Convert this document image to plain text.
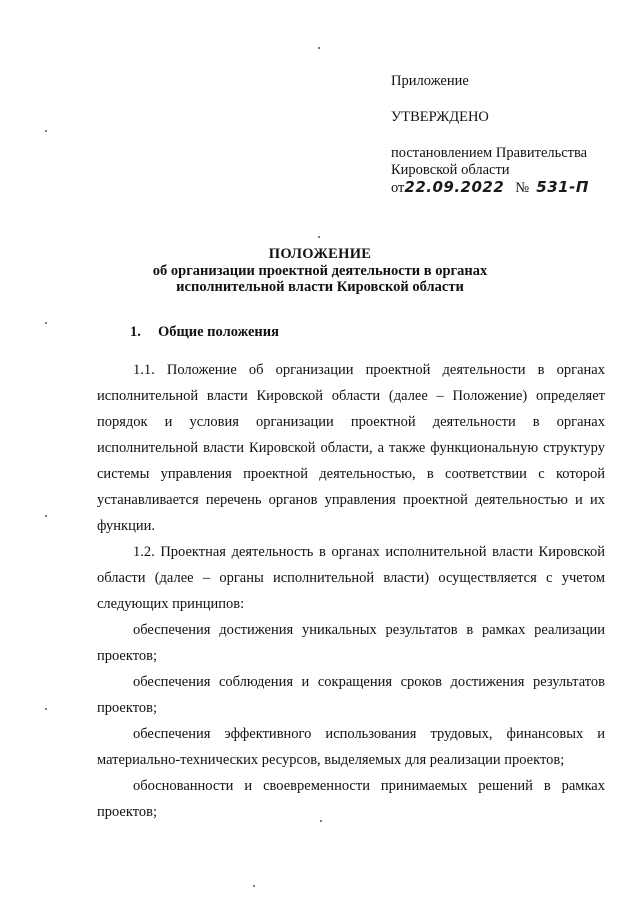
Приложение
УТВЕРЖДЕНО
постановлением Правительства
Кировской области
от22.09.2022 № 531-П
ПОЛОЖЕНИЕ
об организации проектной деятельности в органах
исполнительной власти Кировской области
1. Общие положения
1.1. Положение об организации проектной деятельности в органах исполнительной власти Кировской области (далее – Положение) определяет порядок и условия организации проектной деятельности в органах исполнительной власти Кировской области, а также функциональную структуру системы управления проектной деятельностью, в соответствии с которой устанавливается перечень органов управления проектной деятельностью и их функции.
1.2. Проектная деятельность в органах исполнительной власти Кировской области (далее – органы исполнительной власти) осуществляется с учетом следующих принципов:
обеспечения достижения уникальных результатов в рамках реализации проектов;
обеспечения соблюдения и сокращения сроков достижения результатов проектов;
обеспечения эффективного использования трудовых, финансовых и материально-технических ресурсов, выделяемых для реализации проектов;
обоснованности и своевременности принимаемых решений в рамках проектов;
